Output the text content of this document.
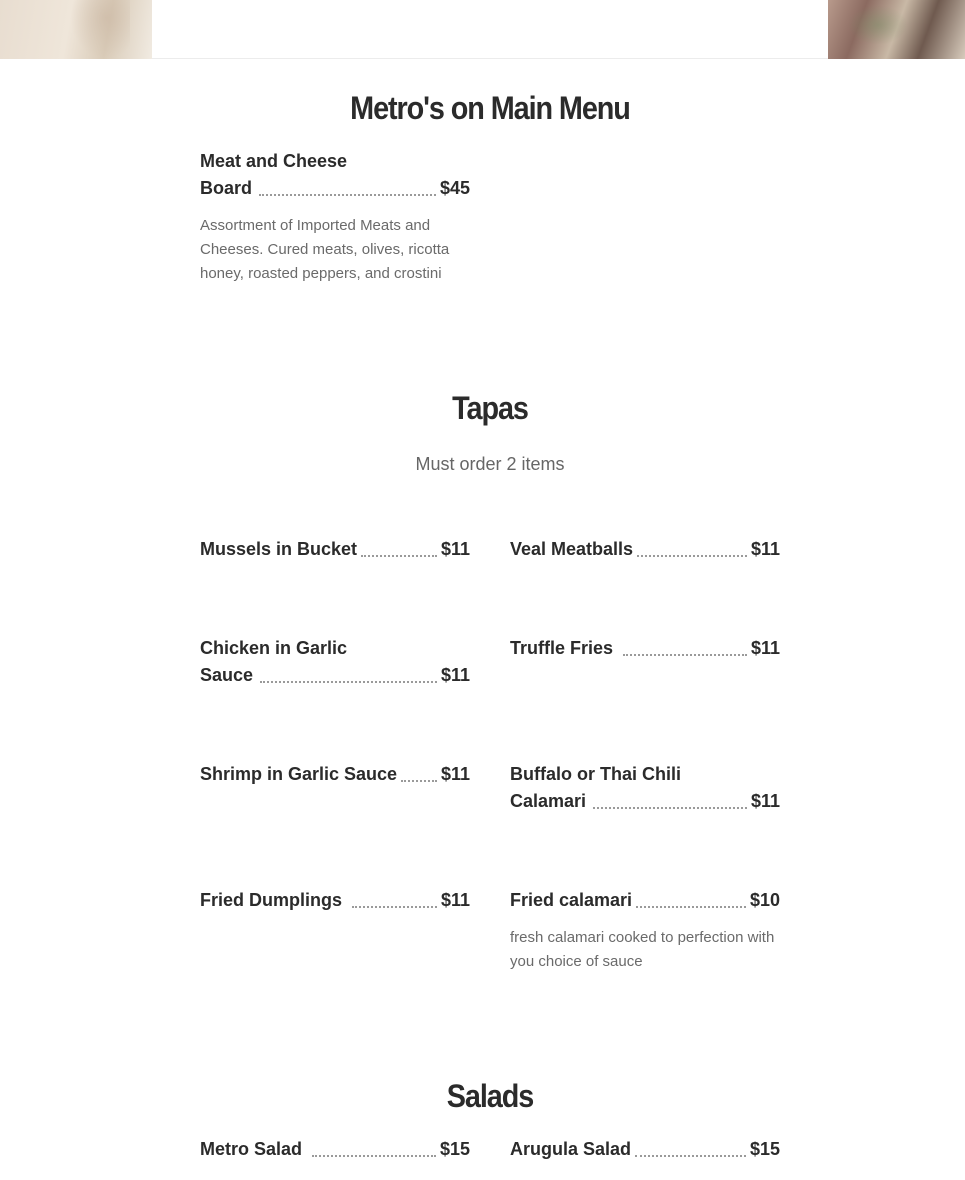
Metro's on Main Menu
Meat and Cheese Board
Assortment of Imported Meats and Cheeses. Cured meats, olives, ricotta honey, roasted peppers, and crostini
$45
Tapas
Must order 2 items
Mussels in Bucket	$11 Veal Meatballs	$11
Chicken in Garlic Sauce	$11
Truffle Fries	$11
Shrimp in Garlic Sauce $11 Buffalo or Thai Chili Calamari	$11
Fried Dumplings	$11 Fried calamari	$10
fresh calamari cooked to perfection with you choice of sauce
Salads
Metro Salad	$15 Arugula Salad	$15
